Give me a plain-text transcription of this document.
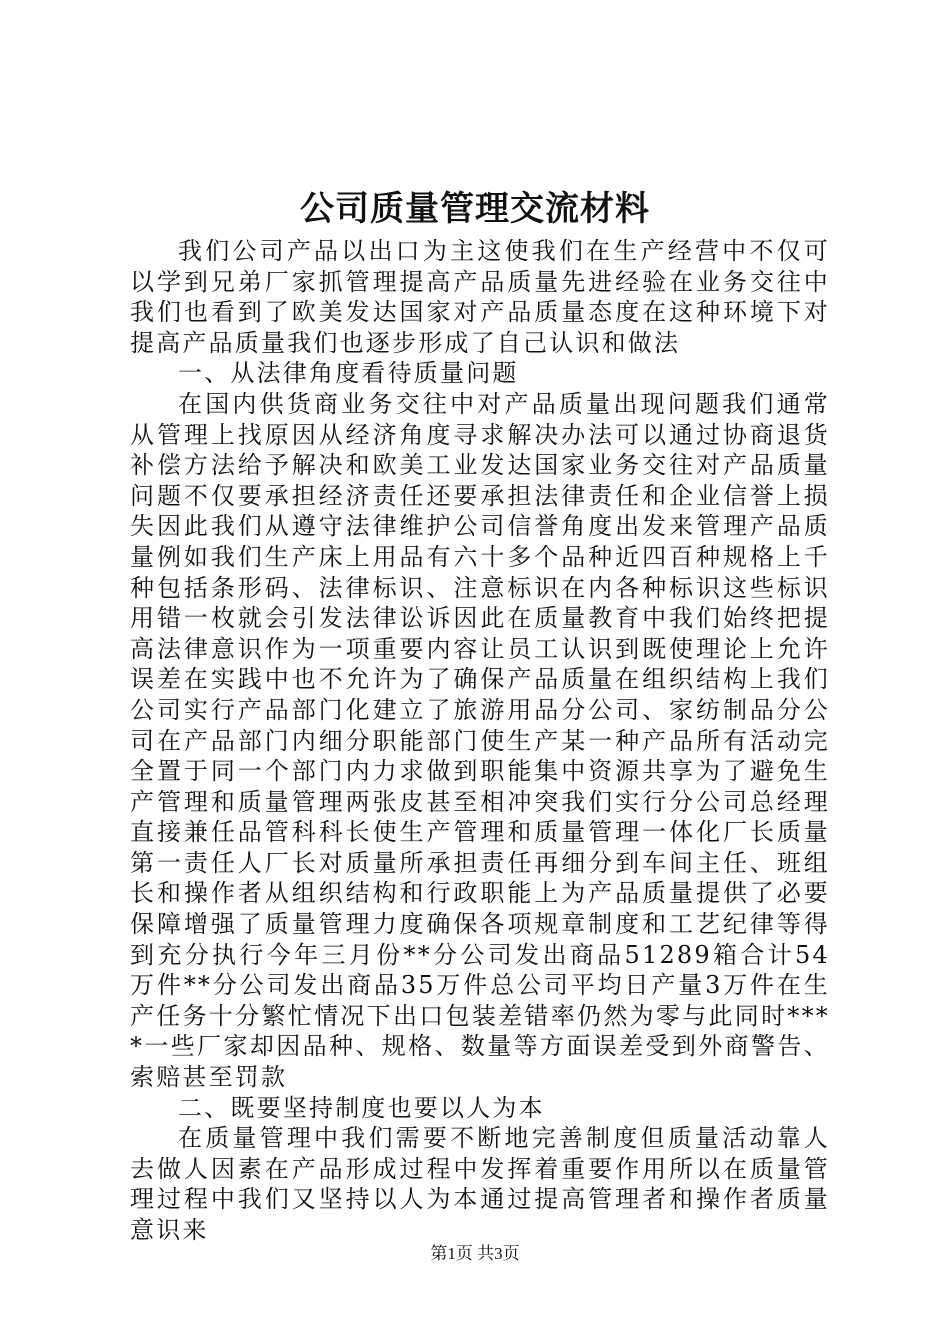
公司质量管理交流材料

我们公司产品以出口为主这使我们在生产经营中不仅可以学到兄弟厂家抓管理提高产品质量先进经验在业务交往中我们也看到了欧美发达国家对产品质量态度在这种环境下对提高产品质量我们也逐步形成了自己认识和做法

一、从法律角度看待质量问题

在国内供货商业务交往中对产品质量出现问题我们通常从管理上找原因从经济角度寻求解决办法可以通过协商退货补偿方法给予解决和欧美工业发达国家业务交往对产品质量问题不仅要承担经济责任还要承担法律责任和企业信誉上损失因此我们从遵守法律维护公司信誉角度出发来管理产品质量例如我们生产床上用品有六十多个品种近四百种规格上千种包括条形码、法律标识、注意标识在内各种标识这些标识用错一枚就会引发法律讼诉因此在质量教育中我们始终把提高法律意识作为一项重要内容让员工认识到既使理论上允许误差在实践中也不允许为了确保产品质量在组织结构上我们公司实行产品部门化建立了旅游用品分公司、家纺制品分公司在产品部门内细分职能部门使生产某一种产品所有活动完全置于同一个部门内力求做到职能集中资源共享为了避免生产管理和质量管理两张皮甚至相冲突我们实行分公司总经理直接兼任品管科科长使生产管理和质量管理一体化厂长质量第一责任人厂长对质量所承担责任再细分到车间主任、班组长和操作者从组织结构和行政职能上为产品质量提供了必要保障增强了质量管理力度确保各项规章制度和工艺纪律等得到充分执行今年三月份**分公司发出商品51289箱合计54万件**分公司发出商品35万件总公司平均日产量3万件在生产任务十分繁忙情况下出口包装差错率仍然为零与此同时****一些厂家却因品种、规格、数量等方面误差受到外商警告、索赔甚至罚款

二、既要坚持制度也要以人为本

在质量管理中我们需要不断地完善制度但质量活动靠人去做人因素在产品形成过程中发挥着重要作用所以在质量管理过程中我们又坚持以人为本通过提高管理者和操作者质量意识来

第1页 共3页
